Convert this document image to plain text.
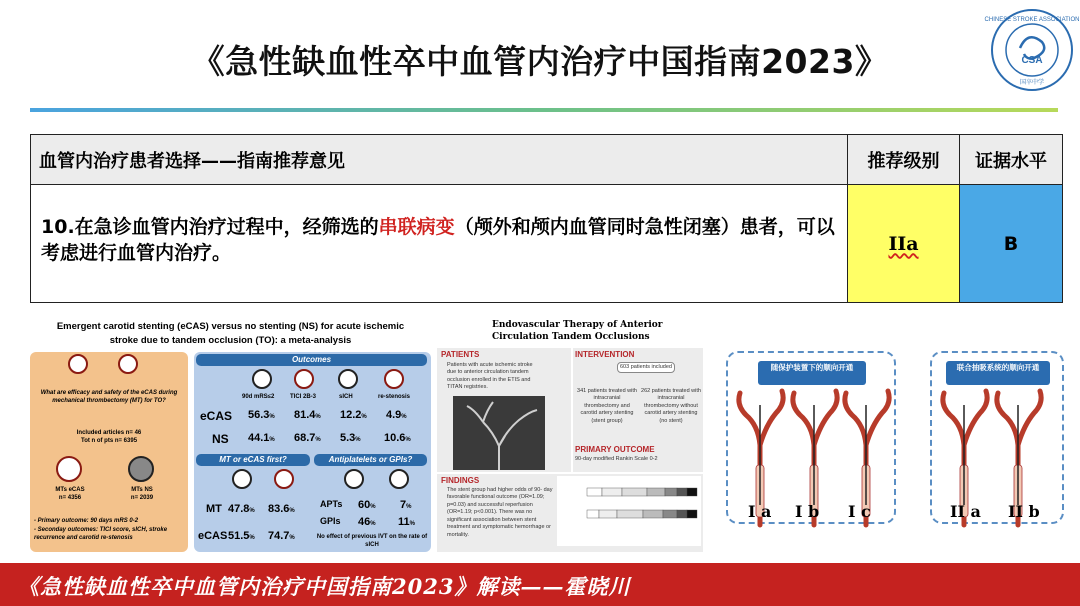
《急性缺血性卒中血管内治疗中国指南2023》	CSA
CHINESE STROKE ASSOCIATION
国卒中学
血管内治疗患者选择——指南推荐意见	推荐级别	证据水平
10.在急诊血管内治疗过程中，经筛选的串联病变（颅外和颅内血管同时急性闭塞）患者，可以考虑进行血管内治疗。	IIa	B
Emergent carotid stenting (eCAS) versus no stenting (NS) for acute ischemic
stroke due to tandem occlusion (TO): a meta-analysis
What are efficacy and safety of the eCAS during mechanical thrombectomy (MT) for TO?
Included articles n= 46
Tot n of pts n= 6395
MTs eCAS
n= 4356
MTs NS
n= 2039
- Primary outcome: 90 days mRS 0-2
- Seconday outcomes: TICI score, sICH, stroke recurrence and carotid re-stenosis
Outcomes
90d mRS≤2	TICI 2B-3	sICH	re-stenosis
eCAS 56.3% 81.4% 12.2% 4.9%
NS 44.1% 68.7% 5.3% 10.6%
MT or eCAS first?	Antiplatelets or GPIs?
MT 47.8% 83.6%
eCAS 51.5% 74.7%
APTs 60% 7%
GPIs 46% 11%
No effect of previous IVT on the rate of sICH
Endovascular Therapy of Anterior
Circulation Tandem Occlusions
PATIENTS
Patients with acute ischemic stroke due to anterior circulation tandem occlusion enrolled in the ETIS and TITAN registries.
INTERVENTION
603 patients included
341 patients treated with intracranial thrombectomy and carotid artery stenting (stent group)
262 patients treated with intracranial thrombectomy without carotid artery stenting (no stent)
PRIMARY OUTCOME
90-day modified Rankin Scale 0-2
FINDINGS
The stent group had higher odds of 90- day favorable functional outcome (OR=1.09; p=0.03) and successful reperfusion (OR=1.19; p<0.001). There was no significant association between stent treatment and symptomatic hemorrhage or mortality.
随保护装置下的顺向开通	联合抽吸系统的顺向开通
I a I b I c	II a II b
《急性缺血性卒中血管内治疗中国指南2023》解读——霍晓川
